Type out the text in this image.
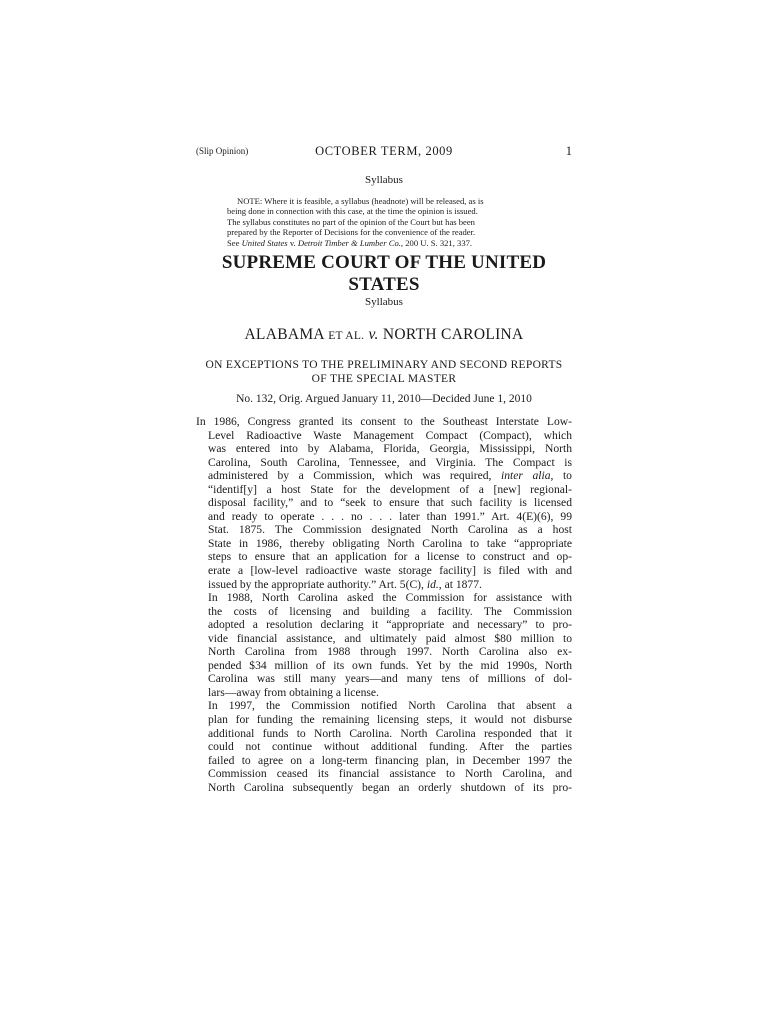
(Slip Opinion)	OCTOBER TERM, 2009	1
Syllabus
NOTE: Where it is feasible, a syllabus (headnote) will be released, as is
being done in connection with this case, at the time the opinion is issued.
The syllabus constitutes no part of the opinion of the Court but has been
prepared by the Reporter of Decisions for the convenience of the reader.
See United States v. Detroit Timber & Lumber Co., 200 U. S. 321, 337.
SUPREME COURT OF THE UNITED STATES
Syllabus
ALABAMA ET AL. v. NORTH CAROLINA
ON EXCEPTIONS TO THE PRELIMINARY AND SECOND REPORTS
OF THE SPECIAL MASTER
No. 132, Orig. Argued January 11, 2010—Decided June 1, 2010
In 1986, Congress granted its consent to the Southeast Interstate Low-
Level Radioactive Waste Management Compact (Compact), which
was entered into by Alabama, Florida, Georgia, Mississippi, North
Carolina, South Carolina, Tennessee, and Virginia. The Compact is
administered by a Commission, which was required, inter alia, to
“identif[y] a host State for the development of a [new] regional-
disposal facility,” and to “seek to ensure that such facility is licensed
and ready to operate . . . no . . . later than 1991.” Art. 4(E)(6), 99
Stat. 1875. The Commission designated North Carolina as a host
State in 1986, thereby obligating North Carolina to take “appropriate
steps to ensure that an application for a license to construct and op-
erate a [low-level radioactive waste storage facility] is filed with and
issued by the appropriate authority.” Art. 5(C), id., at 1877.
In 1988, North Carolina asked the Commission for assistance with
the costs of licensing and building a facility. The Commission
adopted a resolution declaring it “appropriate and necessary” to pro-
vide financial assistance, and ultimately paid almost $80 million to
North Carolina from 1988 through 1997. North Carolina also ex-
pended $34 million of its own funds. Yet by the mid 1990s, North
Carolina was still many years—and many tens of millions of dol-
lars—away from obtaining a license.
In 1997, the Commission notified North Carolina that absent a
plan for funding the remaining licensing steps, it would not disburse
additional funds to North Carolina. North Carolina responded that it
could not continue without additional funding. After the parties
failed to agree on a long-term financing plan, in December 1997 the
Commission ceased its financial assistance to North Carolina, and
North Carolina subsequently began an orderly shutdown of its pro-
